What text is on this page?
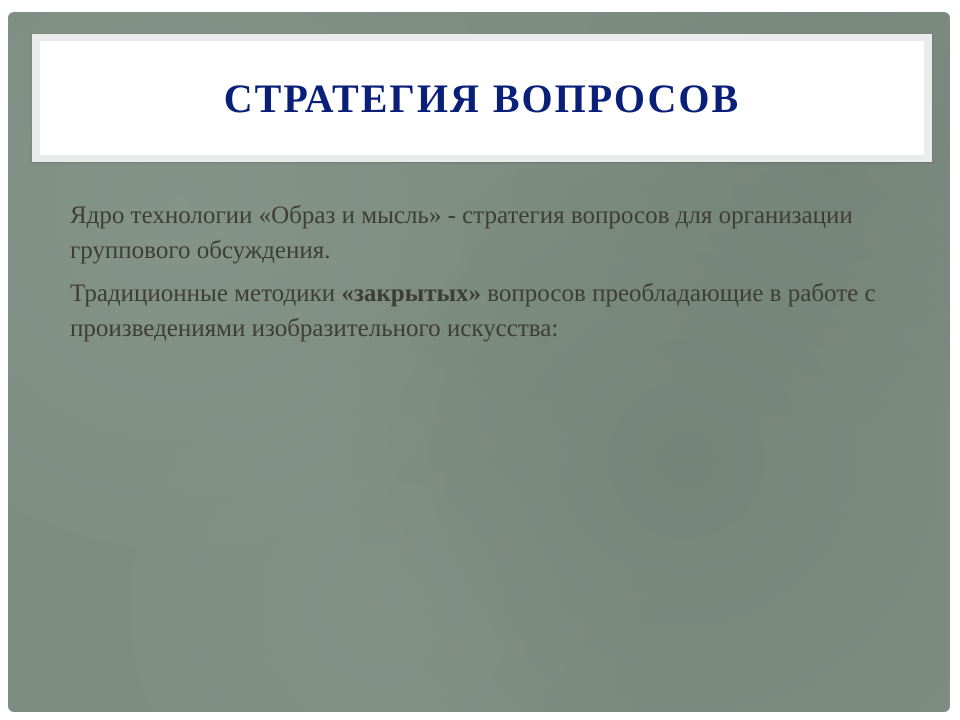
СТРАТЕГИЯ ВОПРОСОВ

Ядро технологии «Образ и мысль» - стратегия вопросов для организации группового обсуждения.

Традиционные методики «закрытых» вопросов преобладающие в работе с произведениями изобразительного искусства:
